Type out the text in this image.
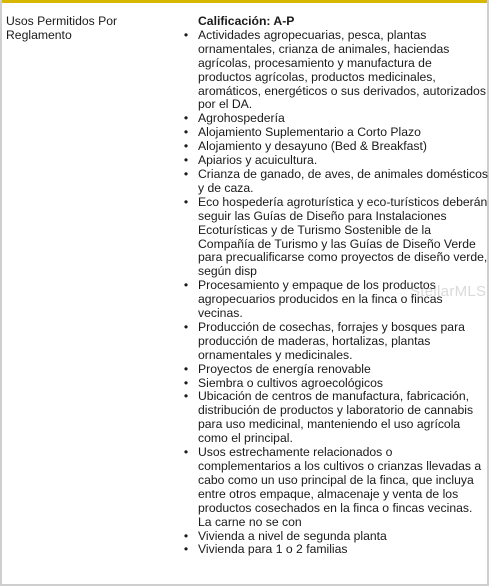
Usos Permitidos Por Reglamento

Calificación: A-P

• Actividades agropecuarias, pesca, plantas ornamentales, crianza de animales, haciendas agrícolas, procesamiento y manufactura de productos agrícolas, productos medicinales, aromáticos, energéticos o sus derivados, autorizados por el DA.
• Agrohospedería
• Alojamiento Suplementario a Corto Plazo
• Alojamiento y desayuno (Bed & Breakfast)
• Apiarios y acuicultura.
• Crianza de ganado, de aves, de animales domésticos y de caza.
• Eco hospedería agroturística y eco-turísticos deberán seguir las Guías de Diseño para Instalaciones Ecoturísticas y de Turismo Sostenible de la Compañía de Turismo y las Guías de Diseño Verde para precualificarse como proyectos de diseño verde, según disp
• Procesamiento y empaque de los productos agropecuarios producidos en la finca o fincas vecinas.
• Producción de cosechas, forrajes y bosques para producción de maderas, hortalizas, plantas ornamentales y medicinales.
• Proyectos de energía renovable
• Siembra o cultivos agroecológicos
• Ubicación de centros de manufactura, fabricación, distribución de productos y laboratorio de cannabis para uso medicinal, manteniendo el uso agrícola como el principal.
• Usos estrechamente relacionados o complementarios a los cultivos o crianzas llevadas a cabo como un uso principal de la finca, que incluya entre otros empaque, almacenaje y venta de los productos cosechados en la finca o fincas vecinas. La carne no se con
• Vivienda a nivel de segunda planta
• Vivienda para 1 o 2 familias
StellarMLS
